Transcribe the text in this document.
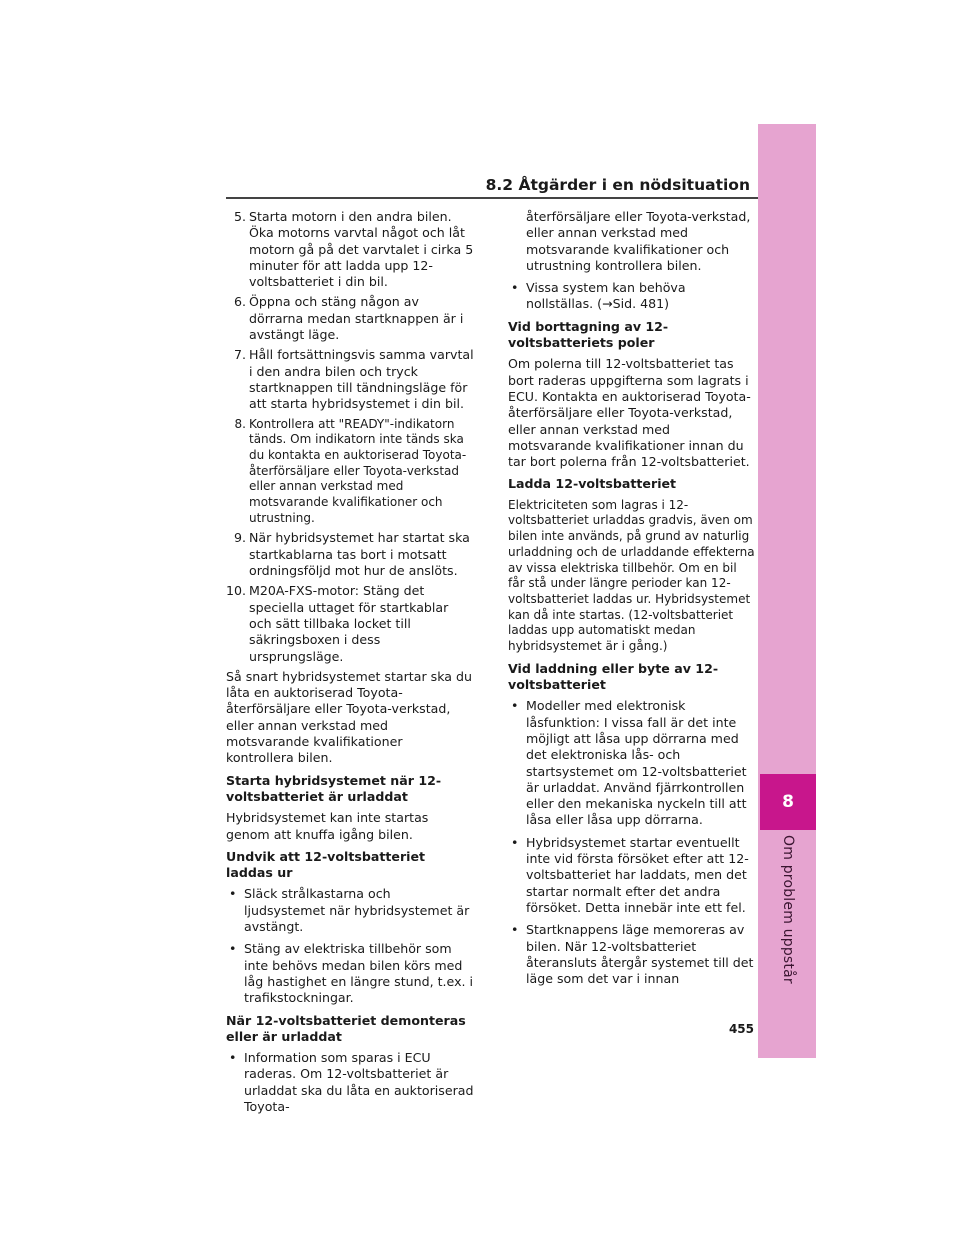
8.2 Åtgärder i en nödsituation
8
Om problem uppstår
5. Starta motorn i den andra bilen. Öka motorns varvtal något och låt motorn gå på det varvtalet i cirka 5 minuter för att ladda upp 12-voltsbatteriet i din bil.
6. Öppna och stäng någon av dörrarna medan startknappen är i avstängt läge.
7. Håll fortsättningsvis samma varvtal i den andra bilen och tryck startknappen till tändningsläge för att starta hybridsystemet i din bil.
8. Kontrollera att "READY"-indikatorn tänds. Om indikatorn inte tänds ska du kontakta en auktoriserad Toyota-återförsäljare eller Toyota-verkstad eller annan verkstad med motsvarande kvalifikationer och utrustning.
9. När hybridsystemet har startat ska startkablarna tas bort i motsatt ordningsföljd mot hur de anslöts.
10. M20A-FXS-motor: Stäng det speciella uttaget för startkablar och sätt tillbaka locket till säkringsboxen i dess ursprungsläge.

Så snart hybridsystemet startar ska du låta en auktoriserad Toyota-återförsäljare eller Toyota-verkstad, eller annan verkstad med motsvarande kvalifikationer kontrollera bilen.

Starta hybridsystemet när 12-voltsbatteriet är urladdat

Hybridsystemet kan inte startas genom att knuffa igång bilen.

Undvik att 12-voltsbatteriet laddas ur
• Släck strålkastarna och ljudsystemet när hybridsystemet är avstängt.
• Stäng av elektriska tillbehör som inte behövs medan bilen körs med låg hastighet en längre stund, t.ex. i trafikstockningar.
När 12-voltsbatteriet demonteras eller är urladdat
• Information som sparas i ECU raderas. Om 12-voltsbatteriet är urladdat ska du låta en auktoriserad Toyota-
återförsäljare eller Toyota-verkstad, eller annan verkstad med motsvarande kvalifikationer och utrustning kontrollera bilen.
• Vissa system kan behöva nollställas. (→Sid. 481)
Vid borttagning av 12-voltsbatteriets poler

Om polerna till 12-voltsbatteriet tas bort raderas uppgifterna som lagrats i ECU. Kontakta en auktoriserad Toyota-återförsäljare eller Toyota-verkstad, eller annan verkstad med motsvarande kvalifikationer innan du tar bort polerna från 12-voltsbatteriet.

Ladda 12-voltsbatteriet

Elektriciteten som lagras i 12-voltsbatteriet urladdas gradvis, även om bilen inte används, på grund av naturlig urladdning och de urladdande effekterna av vissa elektriska tillbehör. Om en bil får stå under längre perioder kan 12-voltsbatteriet laddas ur. Hybridsystemet kan då inte startas. (12-voltsbatteriet laddas upp automatiskt medan hybridsystemet är i gång.)

Vid laddning eller byte av 12-voltsbatteriet
• Modeller med elektronisk låsfunktion: I vissa fall är det inte möjligt att låsa upp dörrarna med det elektroniska lås- och startsystemet om 12-voltsbatteriet är urladdat. Använd fjärrkontrollen eller den mekaniska nyckeln till att låsa eller låsa upp dörrarna.
• Hybridsystemet startar eventuellt inte vid första försöket efter att 12-voltsbatteriet har laddats, men det startar normalt efter det andra försöket. Detta innebär inte ett fel.
• Startknappens läge memoreras av bilen. När 12-voltsbatteriet återansluts återgår systemet till det läge som det var i innan
455
